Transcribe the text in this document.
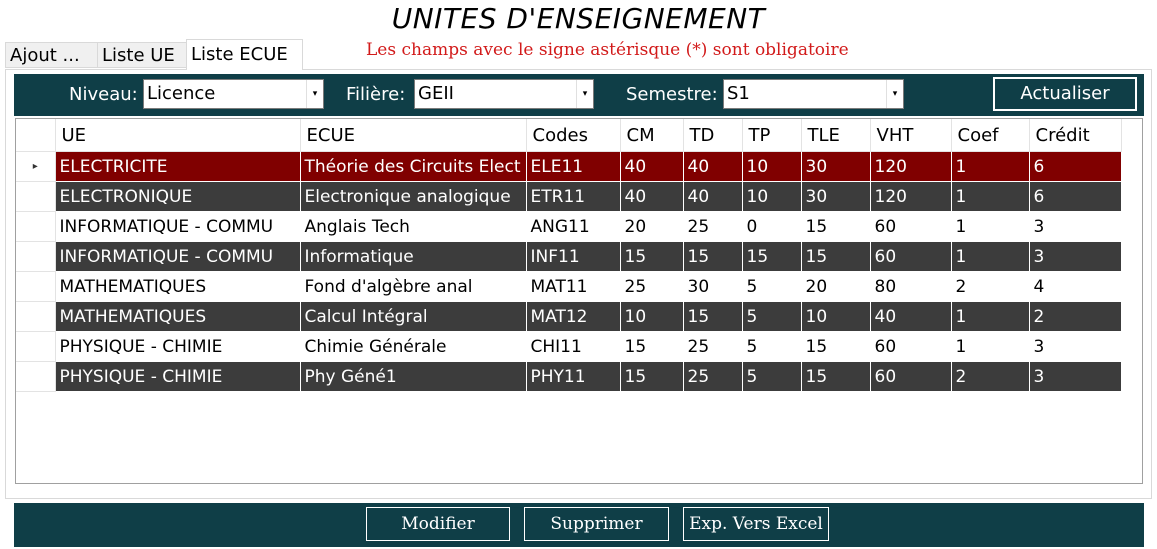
UNITES D'ENSEIGNEMENT
Ajout ...	Liste UE Liste ECUE	Les champs avec le signe astérisque (*) sont obligatoire
Niveau: Licence	▾	Filière: GEII	▾	Semestre: S1	▾	Actualiser
	UE	ECUE	Codes	CM	TD	TP	TLE	VHT	Coef	Crédit
▸	ELECTRICITE	Théorie des Circuits Elect	ELE11	40	40	10	30	120	1	6
	ELECTRONIQUE	Electronique analogique	ETR11	40	40	10	30	120	1	6
	INFORMATIQUE - COMMU	Anglais Tech	ANG11	20	25	0	15	60	1	3
	INFORMATIQUE - COMMU	Informatique	INF11	15	15	15	15	60	1	3
	MATHEMATIQUES	Fond d'algèbre anal	MAT11	25	30	5	20	80	2	4
	MATHEMATIQUES	Calcul Intégral	MAT12	10	15	5	10	40	1	2
	PHYSIQUE - CHIMIE	Chimie Générale	CHI11	15	25	5	15	60	1	3
	PHYSIQUE - CHIMIE	Phy Géné1	PHY11	15	25	5	15	60	2	3
Modifier	Supprimer	Exp. Vers Excel
